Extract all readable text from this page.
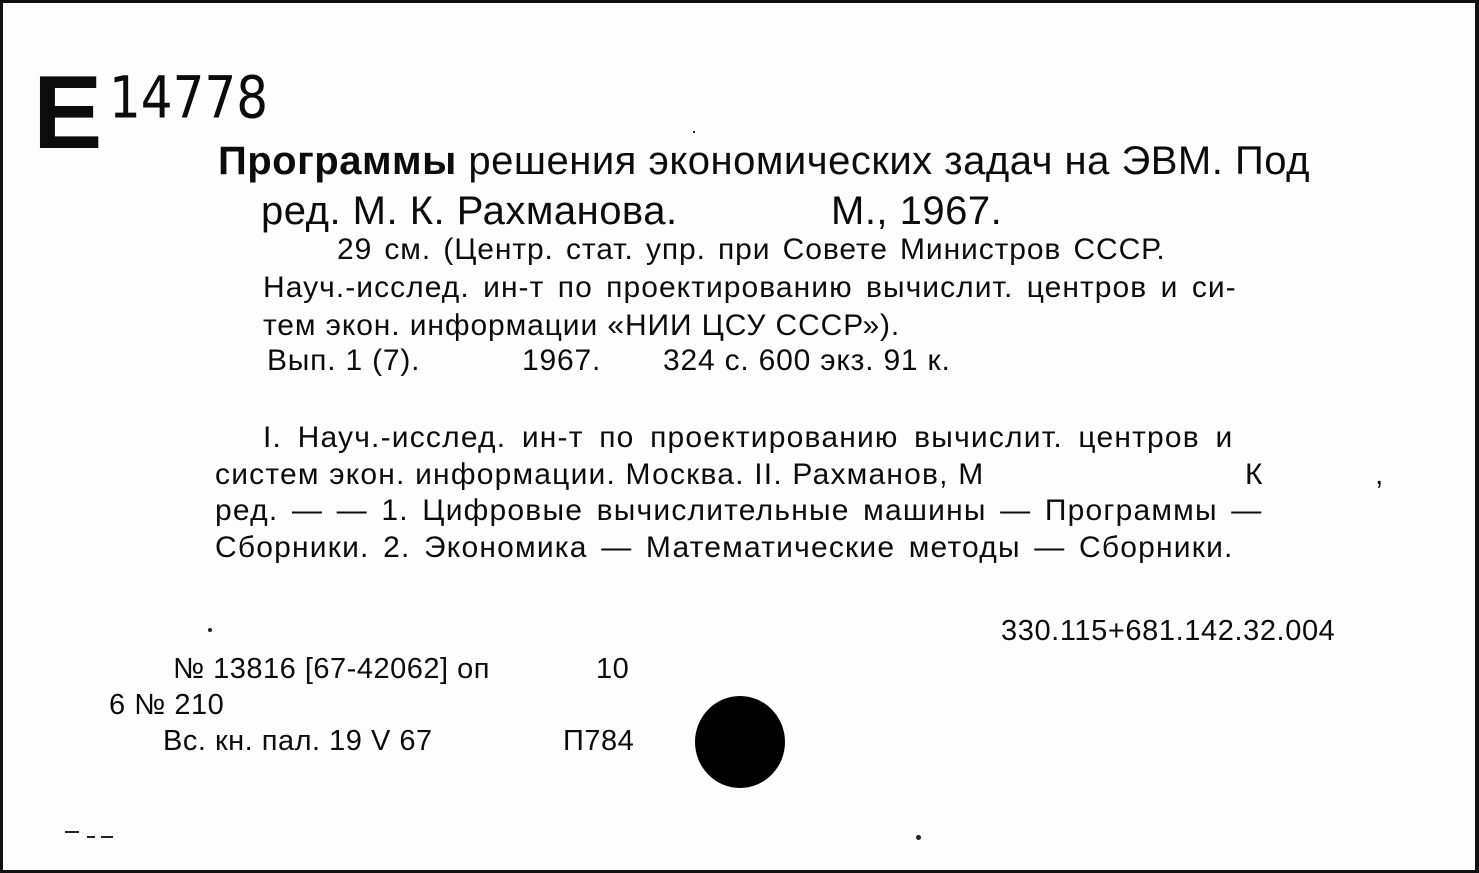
Е 14778
Программы решения экономических задач на ЭВМ. Под
ред. М. К. Рахманова.	М., 1967.
29 см. (Центр. стат. упр. при Совете Министров СССР.
Науч.-исслед. ин-т по проектированию вычислит. центров и си-
тем экон. информации «НИИ ЦСУ СССР»).
Вып. 1 (7).	1967. 324 с. 600 экз. 91 к.
I. Науч.-исслед. ин-т по проектированию вычислит. центров и
систем экон. информации. Москва. II. Рахманов, М	К	,
ред. — — 1. Цифровые вычислительные машины — Программы —
Сборники. 2. Экономика — Математические методы — Сборники.
330.115+681.142.32.004
№ 13816 [67-42062] оп	10
6 № 210
Вс. кн. пал. 19 V 67	П784
